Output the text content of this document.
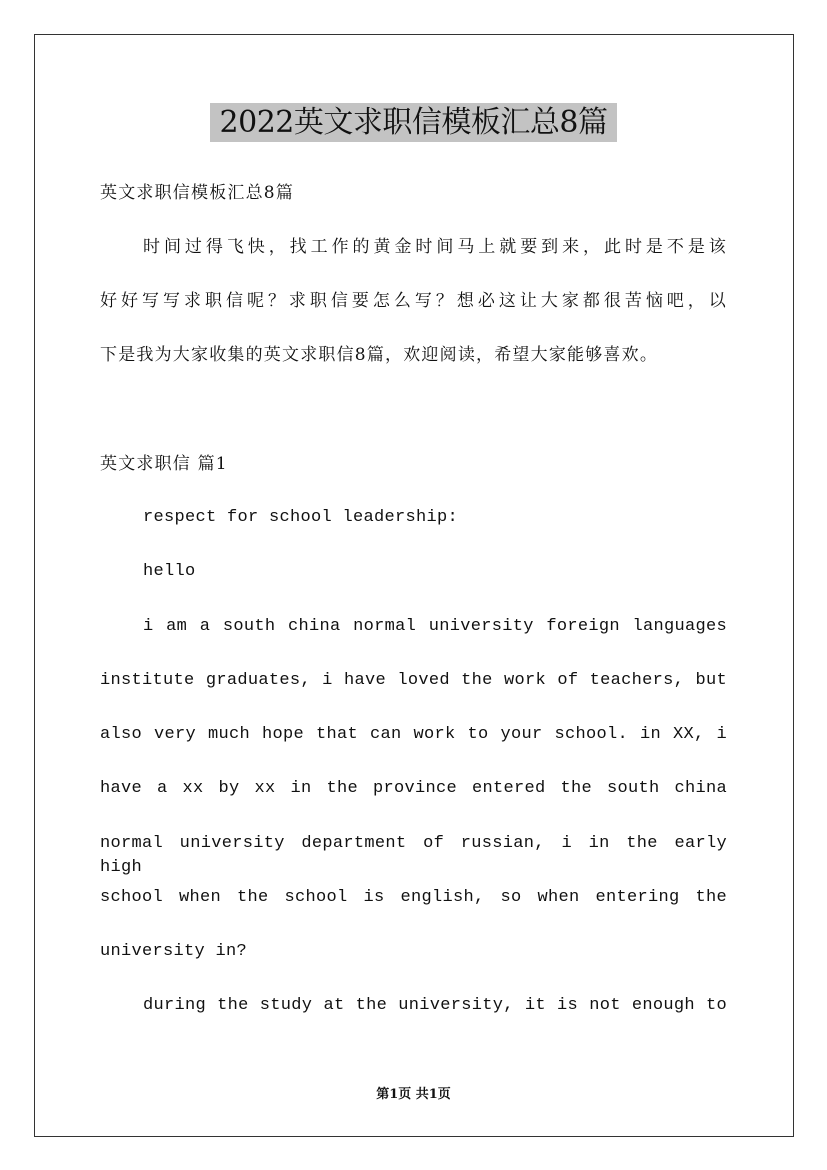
2022英文求职信模板汇总8篇
英文求职信模板汇总8篇
时间过得飞快，找工作的黄金时间马上就要到来，此时是不是该
好好写写求职信呢？求职信要怎么写？想必这让大家都很苦恼吧，以
下是我为大家收集的英文求职信8篇，欢迎阅读，希望大家能够喜欢。
英文求职信 篇1
respect for school leadership:
hello
i am a south china normal university foreign languages
institute graduates, i have loved the work of teachers, but
also very much hope that can work to your school. in XX, i
have a xx by xx in the province entered the south china
normal university department of russian, i in the early high
school when the school is english, so when entering the
university in?
during the study at the university, it is not enough to
第1页 共1页
